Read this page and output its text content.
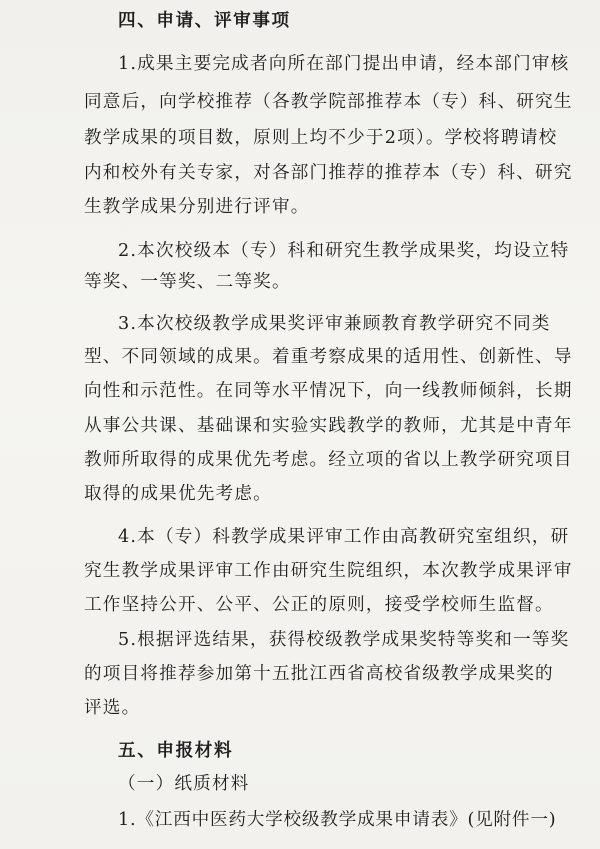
四、申请、评审事项
1.成果主要完成者向所在部门提出申请，经本部门审核
同意后，向学校推荐（各教学院部推荐本（专）科、研究生
教学成果的项目数，原则上均不少于2项）。学校将聘请校
内和校外有关专家，对各部门推荐的推荐本（专）科、研究
生教学成果分别进行评审。
2.本次校级本（专）科和研究生教学成果奖，均设立特
等奖、一等奖、二等奖。
3.本次校级教学成果奖评审兼顾教育教学研究不同类
型、不同领域的成果。着重考察成果的适用性、创新性、导
向性和示范性。在同等水平情况下，向一线教师倾斜，长期
从事公共课、基础课和实验实践教学的教师，尤其是中青年
教师所取得的成果优先考虑。经立项的省以上教学研究项目
取得的成果优先考虑。
4.本（专）科教学成果评审工作由高教研究室组织，研
究生教学成果评审工作由研究生院组织，本次教学成果评审
工作坚持公开、公平、公正的原则，接受学校师生监督。
5.根据评选结果，获得校级教学成果奖特等奖和一等奖
的项目将推荐参加第十五批江西省高校省级教学成果奖的
评选。
五、申报材料
（一）纸质材料
1.《江西中医药大学校级教学成果申请表》(见附件一)
